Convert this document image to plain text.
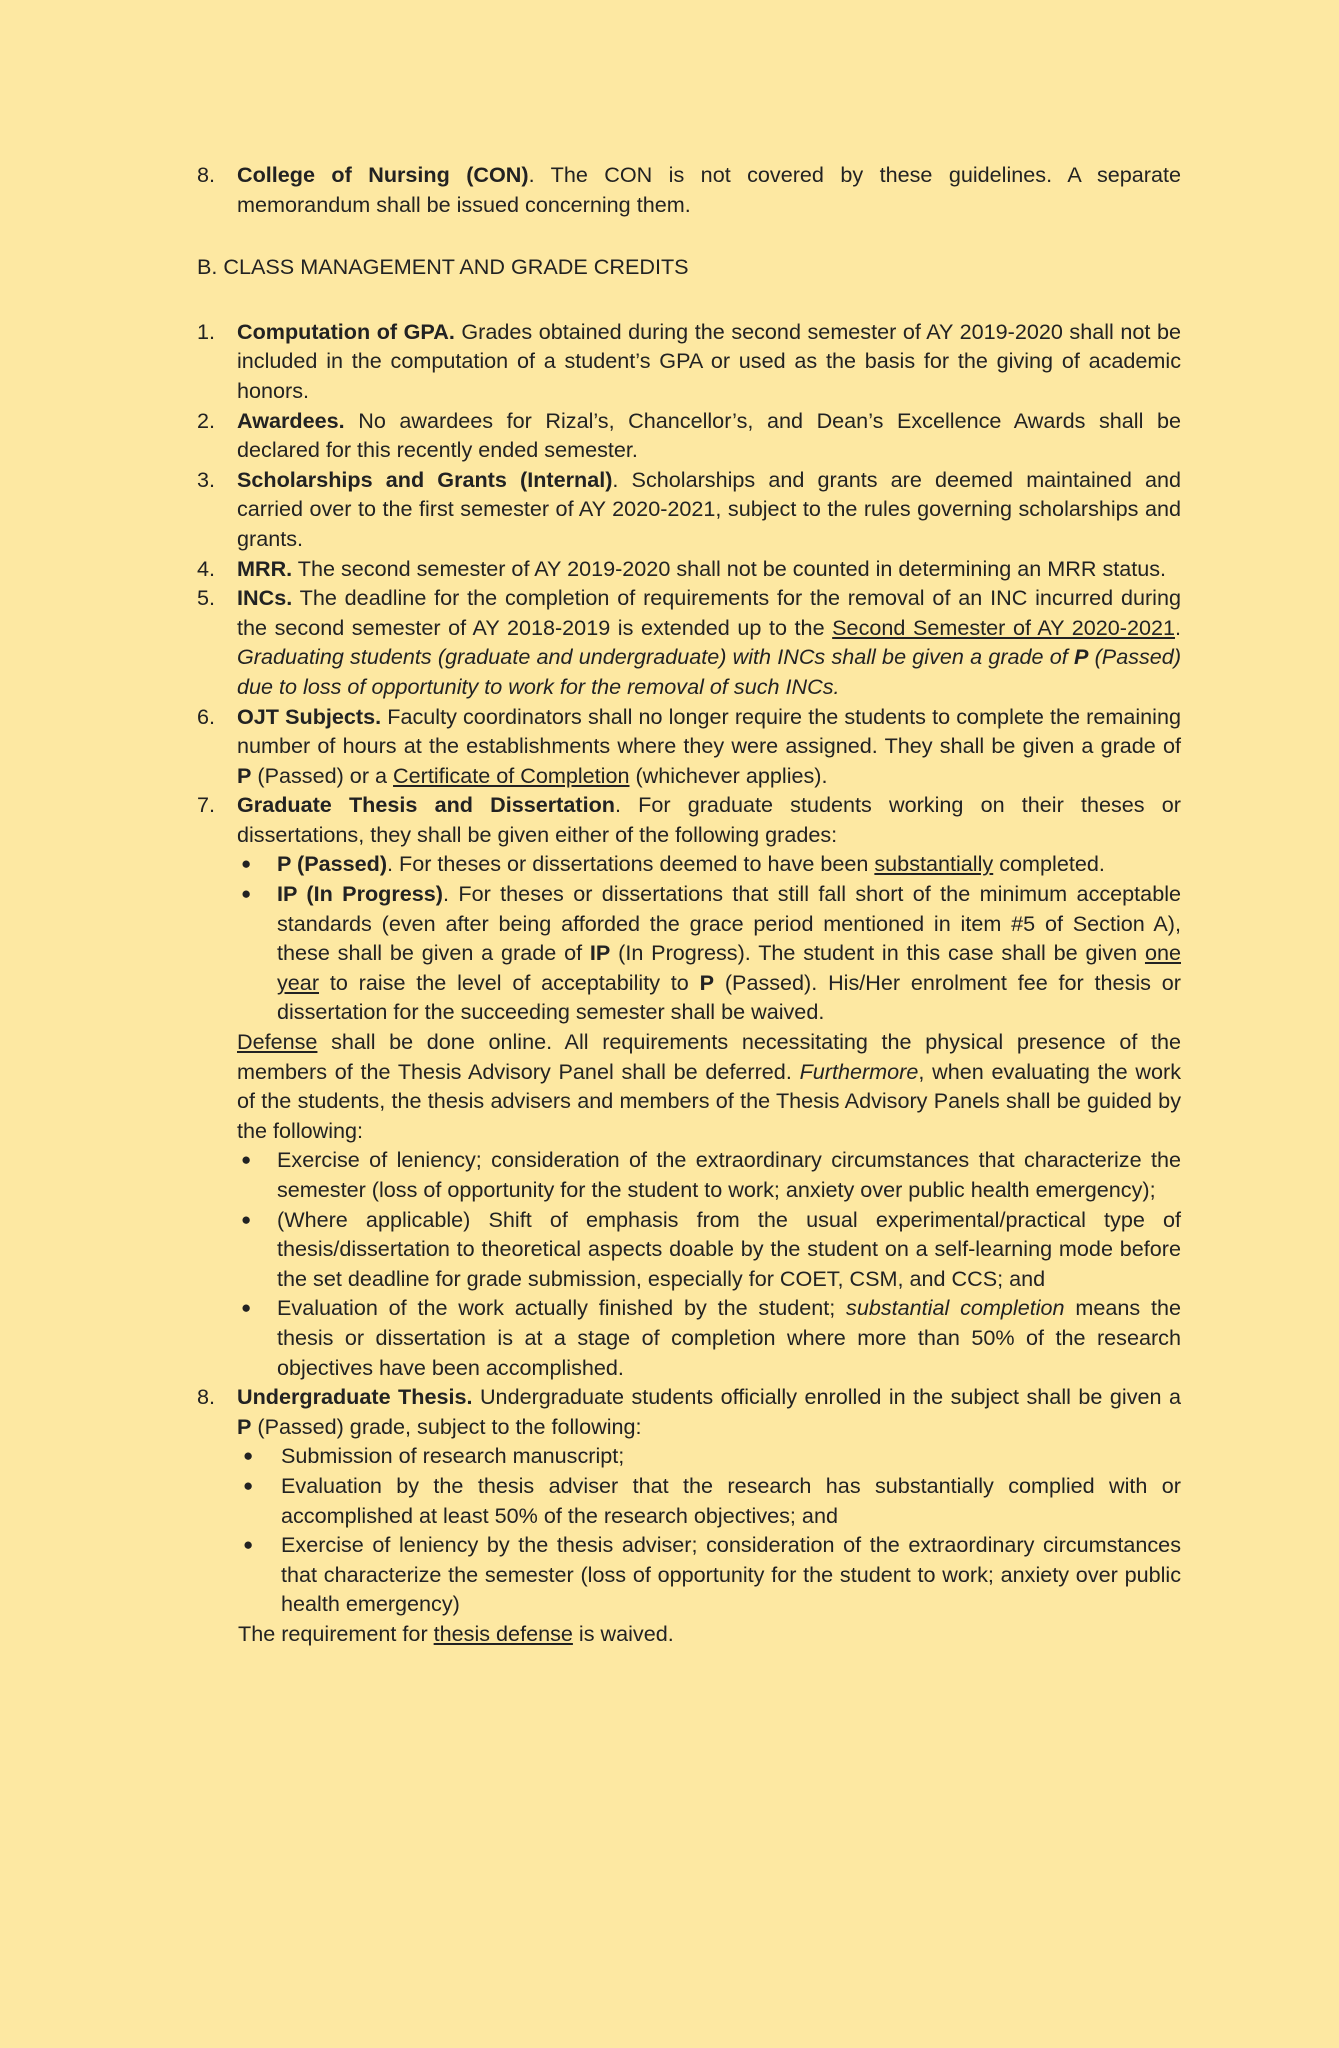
8. College of Nursing (CON). The CON is not covered by these guidelines. A separate memorandum shall be issued concerning them.
B. CLASS MANAGEMENT AND GRADE CREDITS
1. Computation of GPA. Grades obtained during the second semester of AY 2019-2020 shall not be included in the computation of a student’s GPA or used as the basis for the giving of academic honors.
2. Awardees. No awardees for Rizal’s, Chancellor’s, and Dean’s Excellence Awards shall be declared for this recently ended semester.
3. Scholarships and Grants (Internal). Scholarships and grants are deemed maintained and carried over to the first semester of AY 2020-2021, subject to the rules governing scholarships and grants.
4. MRR. The second semester of AY 2019-2020 shall not be counted in determining an MRR status.
5. INCs. The deadline for the completion of requirements for the removal of an INC incurred during the second semester of AY 2018-2019 is extended up to the Second Semester of AY 2020-2021. Graduating students (graduate and undergraduate) with INCs shall be given a grade of P (Passed) due to loss of opportunity to work for the removal of such INCs.
6. OJT Subjects. Faculty coordinators shall no longer require the students to complete the remaining number of hours at the establishments where they were assigned. They shall be given a grade of P (Passed) or a Certificate of Completion (whichever applies).
7. Graduate Thesis and Dissertation. For graduate students working on their theses or dissertations, they shall be given either of the following grades:
● P (Passed). For theses or dissertations deemed to have been substantially completed.
● IP (In Progress). For theses or dissertations that still fall short of the minimum acceptable standards (even after being afforded the grace period mentioned in item #5 of Section A), these shall be given a grade of IP (In Progress). The student in this case shall be given one year to raise the level of acceptability to P (Passed). His/Her enrolment fee for thesis or dissertation for the succeeding semester shall be waived.
Defense shall be done online. All requirements necessitating the physical presence of the members of the Thesis Advisory Panel shall be deferred. Furthermore, when evaluating the work of the students, the thesis advisers and members of the Thesis Advisory Panels shall be guided by the following:
● Exercise of leniency; consideration of the extraordinary circumstances that characterize the semester (loss of opportunity for the student to work; anxiety over public health emergency);
● (Where applicable) Shift of emphasis from the usual experimental/practical type of thesis/dissertation to theoretical aspects doable by the student on a self-learning mode before the set deadline for grade submission, especially for COET, CSM, and CCS; and
● Evaluation of the work actually finished by the student; substantial completion means the thesis or dissertation is at a stage of completion where more than 50% of the research objectives have been accomplished.
8. Undergraduate Thesis. Undergraduate students officially enrolled in the subject shall be given a P (Passed) grade, subject to the following:
● Submission of research manuscript;
● Evaluation by the thesis adviser that the research has substantially complied with or accomplished at least 50% of the research objectives; and
● Exercise of leniency by the thesis adviser; consideration of the extraordinary circumstances that characterize the semester (loss of opportunity for the student to work; anxiety over public health emergency)
The requirement for thesis defense is waived.
